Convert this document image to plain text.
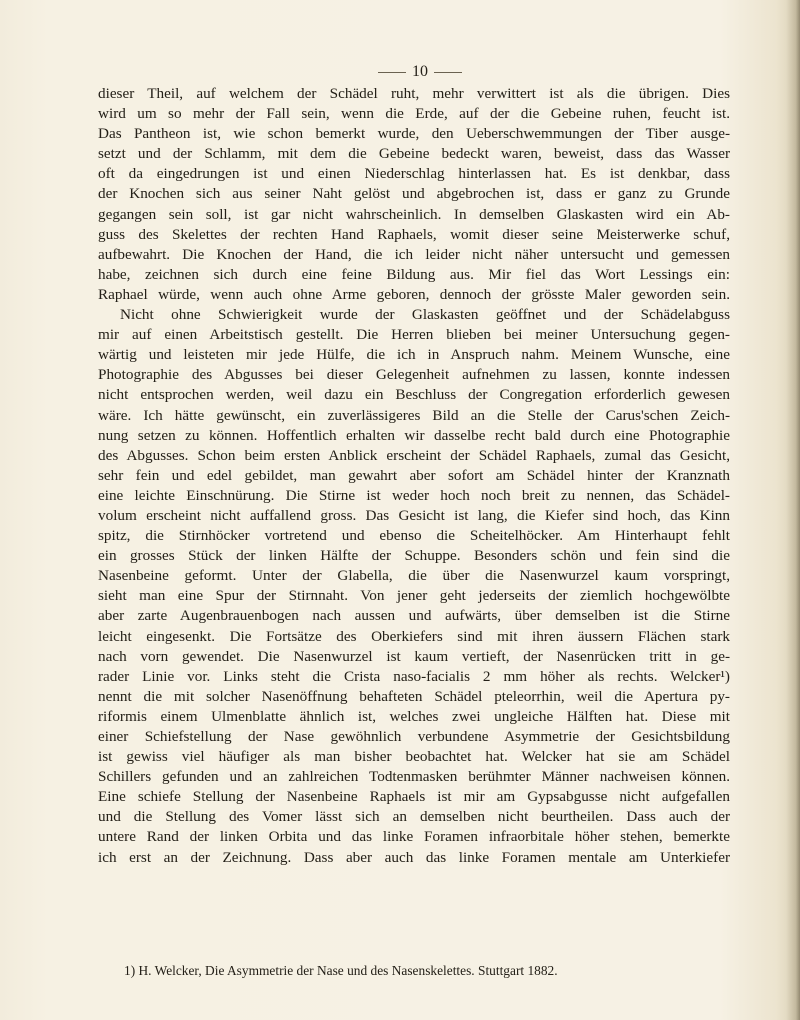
10
dieser Theil, auf welchem der Schädel ruht, mehr verwittert ist als die übrigen. Dies
wird um so mehr der Fall sein, wenn die Erde, auf der die Gebeine ruhen, feucht ist.
Das Pantheon ist, wie schon bemerkt wurde, den Ueberschwemmungen der Tiber ausge-
setzt und der Schlamm, mit dem die Gebeine bedeckt waren, beweist, dass das Wasser
oft da eingedrungen ist und einen Niederschlag hinterlassen hat. Es ist denkbar, dass
der Knochen sich aus seiner Naht gelöst und abgebrochen ist, dass er ganz zu Grunde
gegangen sein soll, ist gar nicht wahrscheinlich. In demselben Glaskasten wird ein Ab-
guss des Skelettes der rechten Hand Raphaels, womit dieser seine Meisterwerke schuf,
aufbewahrt. Die Knochen der Hand, die ich leider nicht näher untersucht und gemessen
habe, zeichnen sich durch eine feine Bildung aus. Mir fiel das Wort Lessings ein:
Raphael würde, wenn auch ohne Arme geboren, dennoch der grösste Maler geworden sein.
Nicht ohne Schwierigkeit wurde der Glaskasten geöffnet und der Schädelabguss
mir auf einen Arbeitstisch gestellt. Die Herren blieben bei meiner Untersuchung gegen-
wärtig und leisteten mir jede Hülfe, die ich in Anspruch nahm. Meinem Wunsche, eine
Photographie des Abgusses bei dieser Gelegenheit aufnehmen zu lassen, konnte indessen
nicht entsprochen werden, weil dazu ein Beschluss der Congregation erforderlich gewesen
wäre. Ich hätte gewünscht, ein zuverlässigeres Bild an die Stelle der Carus'schen Zeich-
nung setzen zu können. Hoffentlich erhalten wir dasselbe recht bald durch eine Photographie
des Abgusses. Schon beim ersten Anblick erscheint der Schädel Raphaels, zumal das Gesicht,
sehr fein und edel gebildet, man gewahrt aber sofort am Schädel hinter der Kranznath
eine leichte Einschnürung. Die Stirne ist weder hoch noch breit zu nennen, das Schädel-
volum erscheint nicht auffallend gross. Das Gesicht ist lang, die Kiefer sind hoch, das Kinn
spitz, die Stirnhöcker vortretend und ebenso die Scheitelhöcker. Am Hinterhaupt fehlt
ein grosses Stück der linken Hälfte der Schuppe. Besonders schön und fein sind die
Nasenbeine geformt. Unter der Glabella, die über die Nasenwurzel kaum vorspringt,
sieht man eine Spur der Stirnnaht. Von jener geht jederseits der ziemlich hochgewölbte
aber zarte Augenbrauenbogen nach aussen und aufwärts, über demselben ist die Stirne
leicht eingesenkt. Die Fortsätze des Oberkiefers sind mit ihren äussern Flächen stark
nach vorn gewendet. Die Nasenwurzel ist kaum vertieft, der Nasenrücken tritt in ge-
rader Linie vor. Links steht die Crista naso-facialis 2 mm höher als rechts. Welcker¹)
nennt die mit solcher Nasenöffnung behafteten Schädel pteleorrhin, weil die Apertura py-
riformis einem Ulmenblatte ähnlich ist, welches zwei ungleiche Hälften hat. Diese mit
einer Schiefstellung der Nase gewöhnlich verbundene Asymmetrie der Gesichtsbildung
ist gewiss viel häufiger als man bisher beobachtet hat. Welcker hat sie am Schädel
Schillers gefunden und an zahlreichen Todtenmasken berühmter Männer nachweisen können.
Eine schiefe Stellung der Nasenbeine Raphaels ist mir am Gypsabgusse nicht aufgefallen
und die Stellung des Vomer lässt sich an demselben nicht beurtheilen. Dass auch der
untere Rand der linken Orbita und das linke Foramen infraorbitale höher stehen, bemerkte
ich erst an der Zeichnung. Dass aber auch das linke Foramen mentale am Unterkiefer
1) H. Welcker, Die Asymmetrie der Nase und des Nasenskelettes. Stuttgart 1882.
